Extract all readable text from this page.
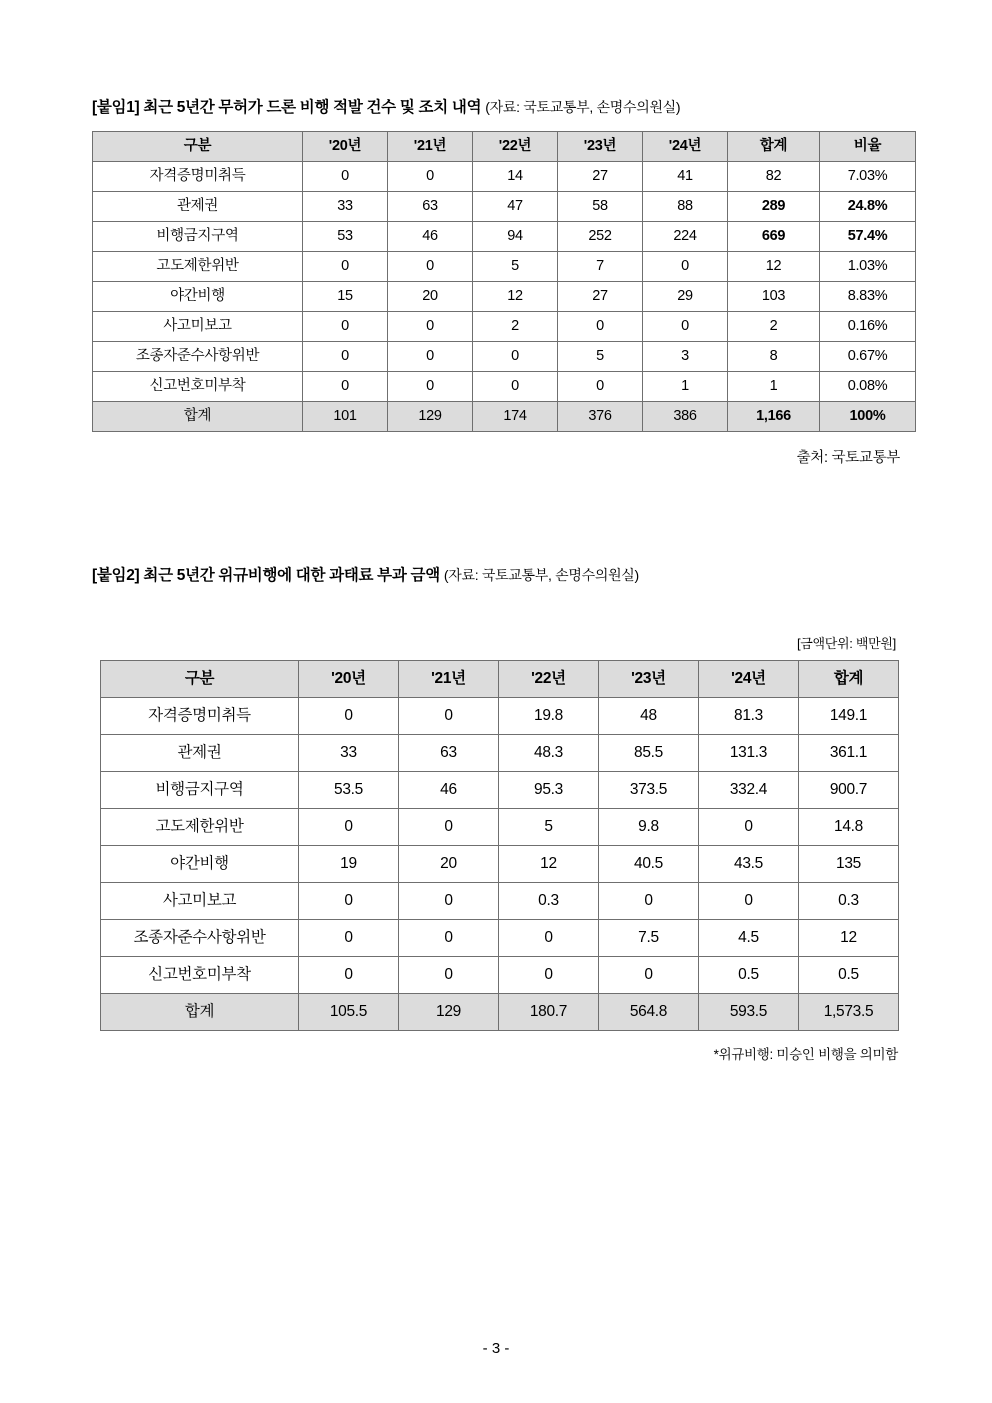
[붙임1] 최근 5년간 무허가 드론 비행 적발 건수 및 조치 내역 (자료: 국토교통부, 손명수의원실)
구분	'20년	'21년	'22년	'23년	'24년	합계	비율
자격증명미취득	0	0	14	27	41	82	7.03%
관제권	33	63	47	58	88	289	24.8%
비행금지구역	53	46	94	252	224	669	57.4%
고도제한위반	0	0	5	7	0	12	1.03%
야간비행	15	20	12	27	29	103	8.83%
사고미보고	0	0	2	0	0	2	0.16%
조종자준수사항위반	0	0	0	5	3	8	0.67%
신고번호미부착	0	0	0	0	1	1	0.08%
합계	101	129	174	376	386	1,166	100%
출처: 국토교통부
[붙임2] 최근 5년간 위규비행에 대한 과태료 부과 금액 (자료: 국토교통부, 손명수의원실)
[금액단위: 백만원]
구분	'20년	'21년	'22년	'23년	'24년	합계
자격증명미취득	0	0	19.8	48	81.3	149.1
관제권	33	63	48.3	85.5	131.3	361.1
비행금지구역	53.5	46	95.3	373.5	332.4	900.7
고도제한위반	0	0	5	9.8	0	14.8
야간비행	19	20	12	40.5	43.5	135
사고미보고	0	0	0.3	0	0	0.3
조종자준수사항위반	0	0	0	7.5	4.5	12
신고번호미부착	0	0	0	0	0.5	0.5
합계	105.5	129	180.7	564.8	593.5	1,573.5
*위규비행: 미승인 비행을 의미함
- 3 -
